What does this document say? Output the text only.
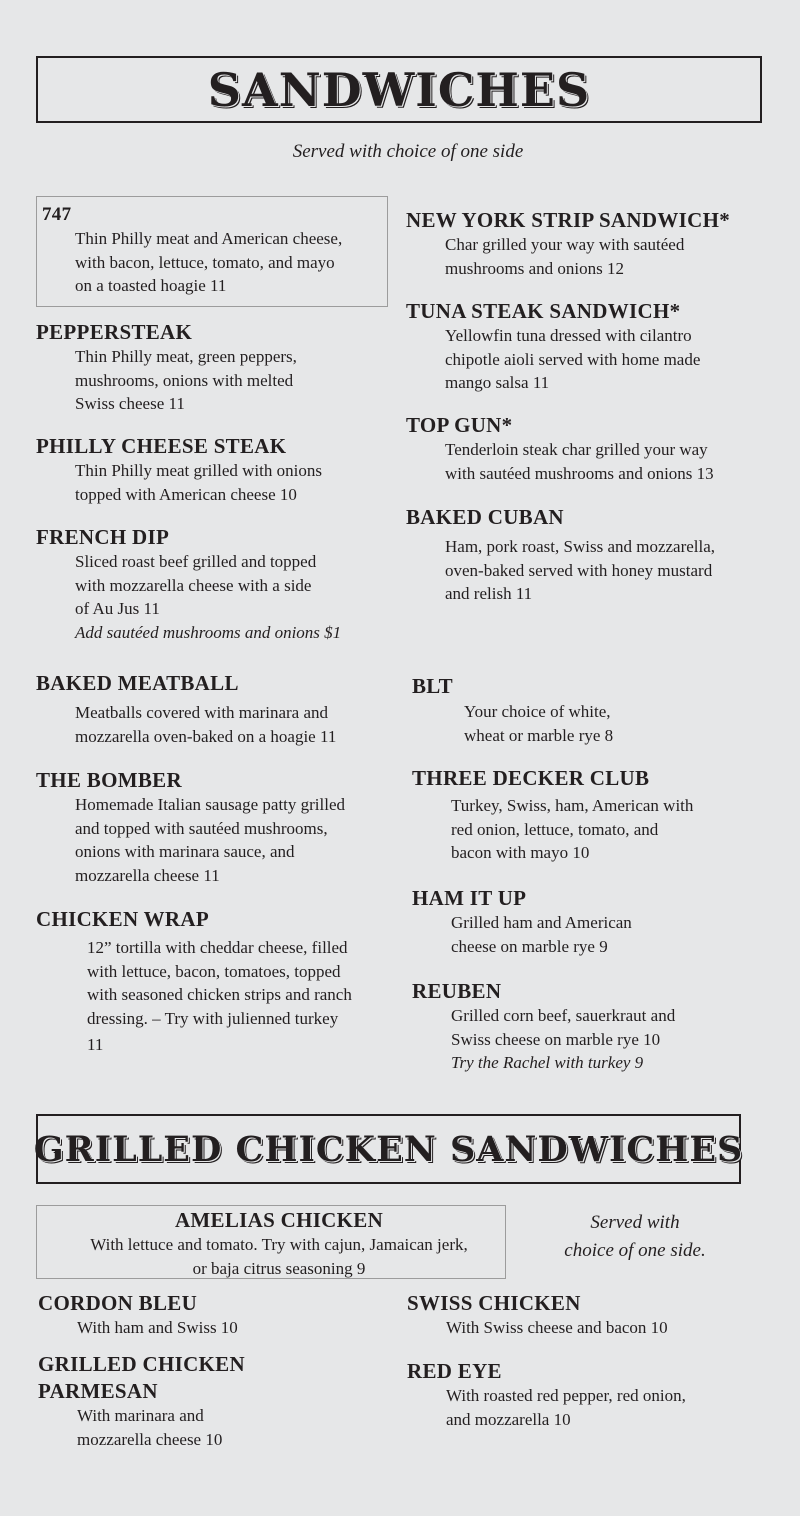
SANDWICHES
Served with choice of one side
747
Thin Philly meat and American cheese,
with bacon, lettuce, tomato, and mayo
on a toasted hoagie 11
PEPPERSTEAK
Thin Philly meat, green peppers,
mushrooms, onions with melted
Swiss cheese 11
PHILLY CHEESE STEAK
Thin Philly meat grilled with onions
topped with American cheese 10
FRENCH DIP
Sliced roast beef grilled and topped
with mozzarella cheese with a side
of Au Jus 11
Add sautéed mushrooms and onions $1
BAKED MEATBALL
Meatballs covered with marinara and
mozzarella oven-baked on a hoagie 11
THE BOMBER
Homemade Italian sausage patty grilled
and topped with sautéed mushrooms,
onions with marinara sauce, and
mozzarella cheese 11
CHICKEN WRAP
12” tortilla with cheddar cheese, filled
with lettuce, bacon, tomatoes, topped
with seasoned chicken strips and ranch
dressing. – Try with julienned turkey
11
NEW YORK STRIP SANDWICH*
Char grilled your way with sautéed
mushrooms and onions 12
TUNA STEAK SANDWICH*
Yellowfin tuna dressed with cilantro
chipotle aioli served with home made
mango salsa 11
TOP GUN*
Tenderloin steak char grilled your way
with sautéed mushrooms and onions 13
BAKED CUBAN
Ham, pork roast, Swiss and mozzarella,
oven-baked served with honey mustard
and relish 11
BLT
Your choice of white,
wheat or marble rye 8
THREE DECKER CLUB
Turkey, Swiss, ham, American with
red onion, lettuce, tomato, and
bacon with mayo 10
HAM IT UP
Grilled ham and American
cheese on marble rye 9
REUBEN
Grilled corn beef, sauerkraut and
Swiss cheese on marble rye 10
Try the Rachel with turkey 9
GRILLED CHICKEN SANDWICHES
AMELIAS CHICKEN
With lettuce and tomato. Try with cajun, Jamaican jerk,
or baja citrus seasoning 9
Served with
choice of one side.
CORDON BLEU
With ham and Swiss 10
GRILLED CHICKEN
PARMESAN
With marinara and
mozzarella cheese 10
SWISS CHICKEN
With Swiss cheese and bacon 10
RED EYE
With roasted red pepper, red onion,
and mozzarella 10
